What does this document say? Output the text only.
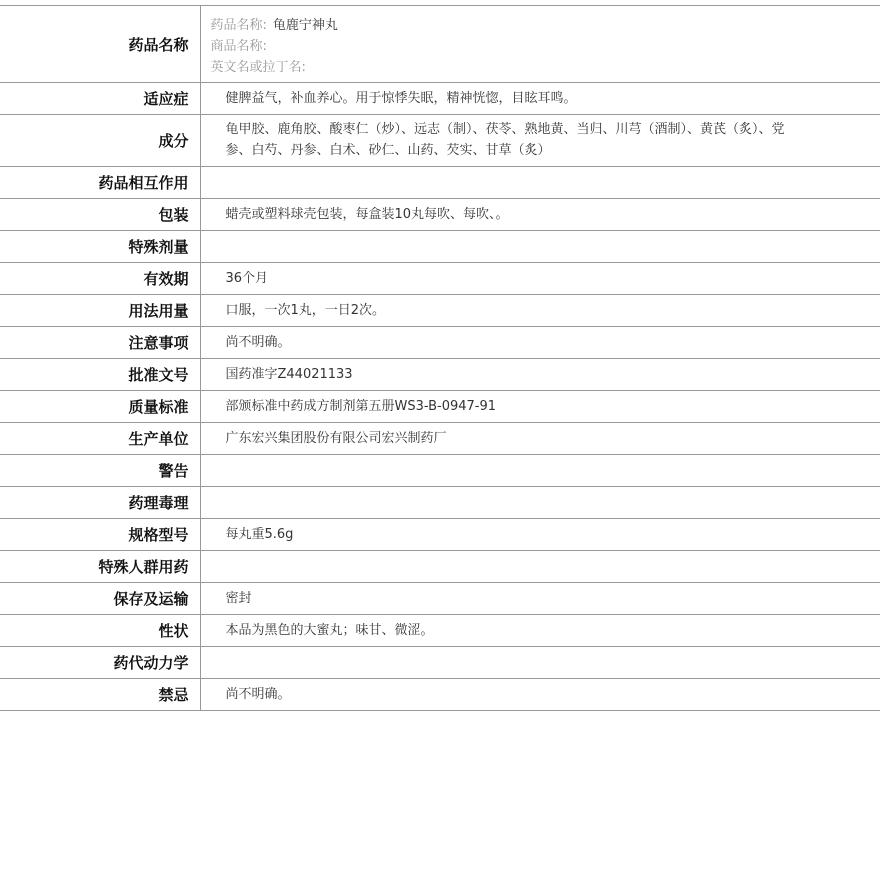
药品名称	药品名称: 龟鹿宁神丸
商品名称:
英文名或拉丁名:

适应症	健脾益气，补血养心。用于惊悸失眠，精神恍惚，目眩耳鸣。
成分	龟甲胶、鹿角胶、酸枣仁（炒）、远志（制）、茯苓、熟地黄、当归、川芎（酒制）、黄芪（炙）、党参、白芍、丹参、白术、砂仁、山药、芡实、甘草（炙）
药品相互作用	
包装	蜡壳或塑料球壳包装，每盒装10丸每吹、每吹、。
特殊剂量	
有效期	36个月
用法用量	口服，一次1丸，一日2次。
注意事项	尚不明确。
批准文号	国药准字Z44021133
质量标准	部颁标准中药成方制剂第五册WS3-B-0947-91
生产单位	广东宏兴集团股份有限公司宏兴制药厂
警告	
药理毒理	
规格型号	每丸重5.6g
特殊人群用药	
保存及运输	密封
性状	本品为黑色的大蜜丸；味甘、微涩。
药代动力学	
禁忌	尚不明确。
